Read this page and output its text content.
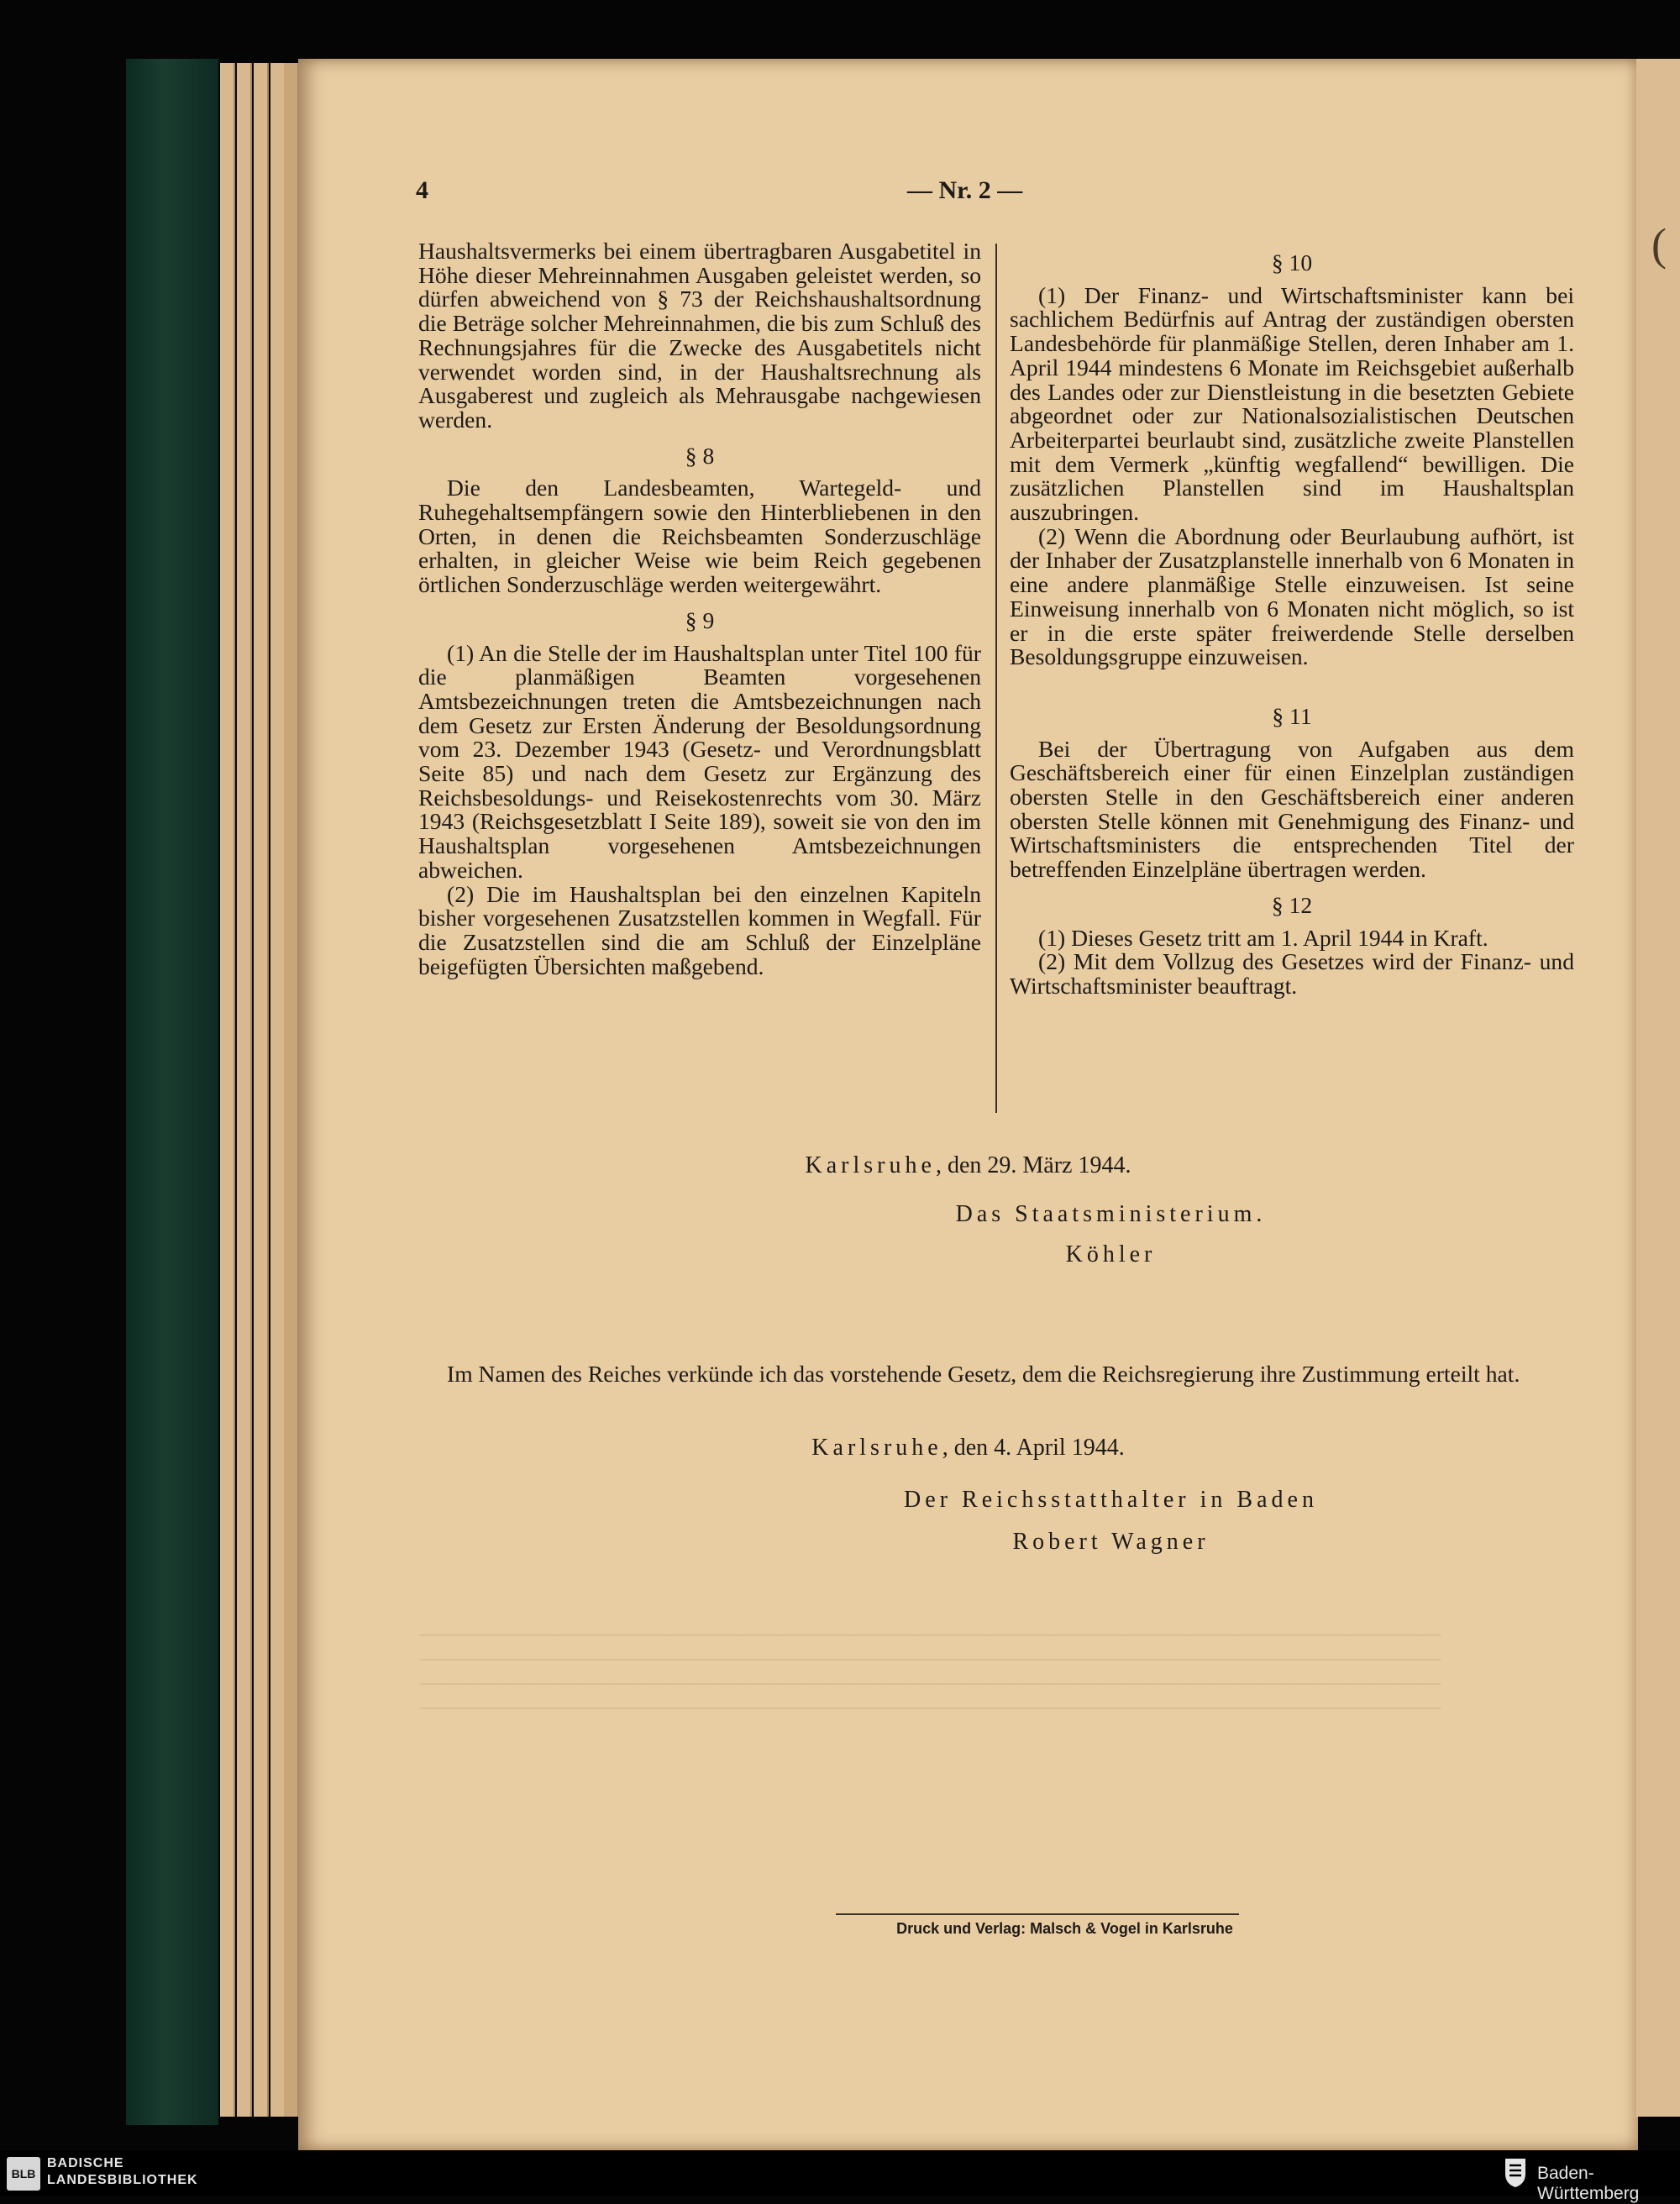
(
―――――――――――――――――――――――――――――――――――――――――――――
―――――――――――――――――――――――――――――――――――――――――――――
―――――――――――――――――――――――――――――――――――――――――――――
―――――――――――――――――――――――――――――――――――――――――――――
4	— Nr. 2 —

Haushaltsvermerks bei einem übertragbaren Ausgabetitel in Höhe dieser Mehreinnahmen Ausgaben geleistet werden, so dürfen abweichend von § 73 der Reichshaushaltsordnung die Beträge solcher Mehreinnahmen, die bis zum Schluß des Rechnungsjahres für die Zwecke des Ausgabetitels nicht verwendet worden sind, in der Haushaltsrechnung als Ausgaberest und zugleich als Mehrausgabe nachgewiesen werden.

§ 8

Die den Landesbeamten, Wartegeld- und Ruhegehaltsempfängern sowie den Hinterbliebenen in den Orten, in denen die Reichsbeamten Sonderzuschläge erhalten, in gleicher Weise wie beim Reich gegebenen örtlichen Sonderzuschläge werden weitergewährt.

§ 9

(1) An die Stelle der im Haushaltsplan unter Titel 100 für die planmäßigen Beamten vorgesehenen Amtsbezeichnungen treten die Amtsbezeichnungen nach dem Gesetz zur Ersten Änderung der Besoldungsordnung vom 23. Dezember 1943 (Gesetz- und Verordnungsblatt Seite 85) und nach dem Gesetz zur Ergänzung des Reichsbesoldungs- und Reisekostenrechts vom 30. März 1943 (Reichsgesetzblatt I Seite 189), soweit sie von den im Haushaltsplan vorgesehenen Amtsbezeichnungen abweichen.

(2) Die im Haushaltsplan bei den einzelnen Kapiteln bisher vorgesehenen Zusatzstellen kommen in Wegfall. Für die Zusatzstellen sind die am Schluß der Einzelpläne beigefügten Übersichten maßgebend.

§ 10

(1) Der Finanz- und Wirtschaftsminister kann bei sachlichem Bedürfnis auf Antrag der zuständigen obersten Landesbehörde für planmäßige Stellen, deren Inhaber am 1. April 1944 mindestens 6 Monate im Reichsgebiet außerhalb des Landes oder zur Dienstleistung in die besetzten Gebiete abgeordnet oder zur Nationalsozialistischen Deutschen Arbeiterpartei beurlaubt sind, zusätzliche zweite Planstellen mit dem Vermerk „künftig wegfallend“ bewilligen. Die zusätzlichen Planstellen sind im Haushaltsplan auszubringen.

(2) Wenn die Abordnung oder Beurlaubung aufhört, ist der Inhaber der Zusatzplanstelle innerhalb von 6 Monaten in eine andere planmäßige Stelle einzuweisen. Ist seine Einweisung innerhalb von 6 Monaten nicht möglich, so ist er in die erste später freiwerdende Stelle derselben Besoldungsgruppe einzuweisen.

§ 11

Bei der Übertragung von Aufgaben aus dem Geschäftsbereich einer für einen Einzelplan zuständigen obersten Stelle in den Geschäftsbereich einer anderen obersten Stelle können mit Genehmigung des Finanz- und Wirtschaftsministers die entsprechenden Titel der betreffenden Einzelpläne übertragen werden.

§ 12

(1) Dieses Gesetz tritt am 1. April 1944 in Kraft.

(2) Mit dem Vollzug des Gesetzes wird der Finanz- und Wirtschaftsminister beauftragt.

Karlsruhe, den 29. März 1944.
Das Staatsministerium.
Köhler

Im Namen des Reiches verkünde ich das vorstehende Gesetz, dem die Reichsregierung ihre Zustimmung erteilt hat.

Karlsruhe, den 4. April 1944.
Der Reichsstatthalter in Baden
Robert Wagner
Druck und Verlag: Malsch & Vogel in Karlsruhe
BLB
BADISCHE
LANDESBIBLIOTHEK	Baden-Württemberg
